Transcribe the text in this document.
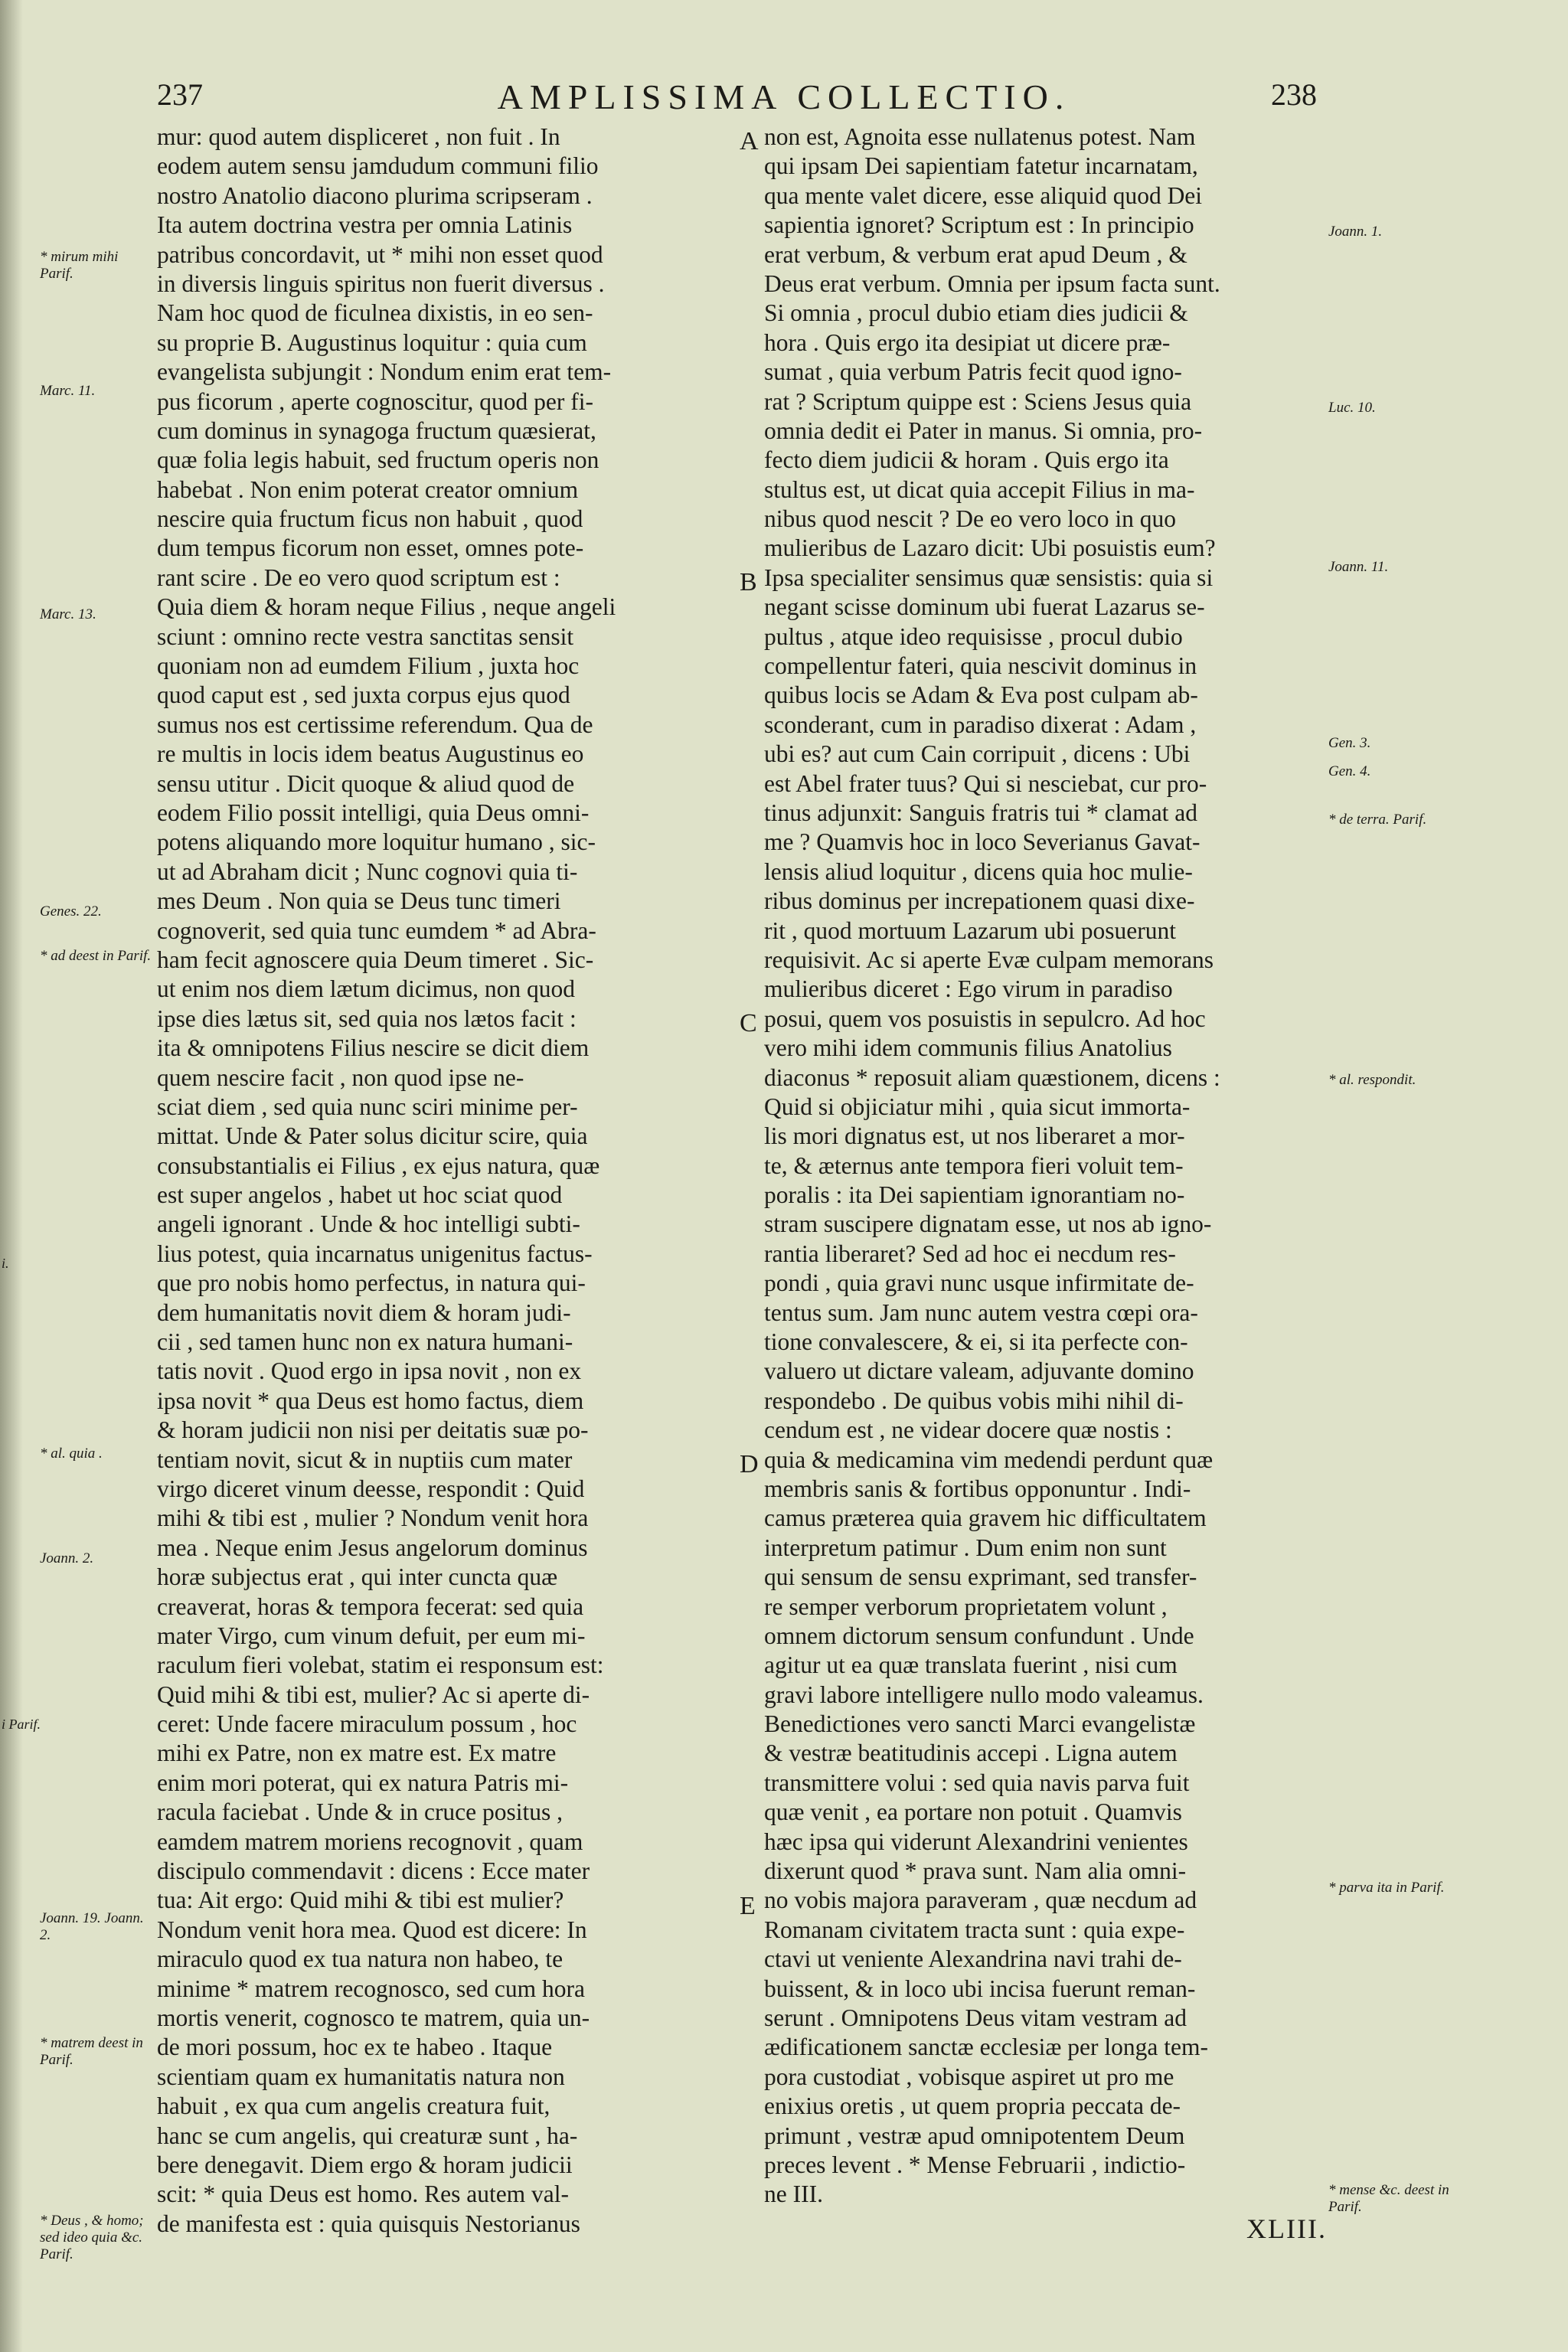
237	AMPLISSIMA COLLECTIO.	238
mur: quod autem displiceret , non fuit . In
eodem autem sensu jamdudum communi filio
nostro Anatolio diacono plurima scripseram .
Ita autem doctrina vestra per omnia Latinis
patribus concordavit, ut * mihi non esset quod
in diversis linguis spiritus non fuerit diversus .
Nam hoc quod de ficulnea dixistis, in eo sen-
su proprie B. Augustinus loquitur : quia cum
evangelista subjungit : Nondum enim erat tem-
pus ficorum , aperte cognoscitur, quod per fi-
cum dominus in synagoga fructum quæsierat,
quæ folia legis habuit, sed fructum operis non
habebat . Non enim poterat creator omnium
nescire quia fructum ficus non habuit , quod
dum tempus ficorum non esset, omnes pote-
rant scire . De eo vero quod scriptum est :
Quia diem & horam neque Filius , neque angeli
sciunt : omnino recte vestra sanctitas sensit
quoniam non ad eumdem Filium , juxta hoc
quod caput est , sed juxta corpus ejus quod
sumus nos est certissime referendum. Qua de
re multis in locis idem beatus Augustinus eo
sensu utitur . Dicit quoque & aliud quod de
eodem Filio possit intelligi, quia Deus omni-
potens aliquando more loquitur humano , sic-
ut ad Abraham dicit ; Nunc cognovi quia ti-
mes Deum . Non quia se Deus tunc timeri
cognoverit, sed quia tunc eumdem * ad Abra-
ham fecit agnoscere quia Deum timeret . Sic-
ut enim nos diem lætum dicimus, non quod
ipse dies lætus sit, sed quia nos lætos facit :
ita & omnipotens Filius nescire se dicit diem
quem nescire facit , non quod ipse ne-
sciat diem , sed quia nunc sciri minime per-
mittat. Unde & Pater solus dicitur scire, quia
consubstantialis ei Filius , ex ejus natura, quæ
est super angelos , habet ut hoc sciat quod
angeli ignorant . Unde & hoc intelligi subti-
lius potest, quia incarnatus unigenitus factus-
que pro nobis homo perfectus, in natura qui-
dem humanitatis novit diem & horam judi-
cii , sed tamen hunc non ex natura humani-
tatis novit . Quod ergo in ipsa novit , non ex
ipsa novit * qua Deus est homo factus, diem
& horam judicii non nisi per deitatis suæ po-
tentiam novit, sicut & in nuptiis cum mater
virgo diceret vinum deesse, respondit : Quid
mihi & tibi est , mulier ? Nondum venit hora
mea . Neque enim Jesus angelorum dominus
horæ subjectus erat , qui inter cuncta quæ
creaverat, horas & tempora fecerat: sed quia
mater Virgo, cum vinum defuit, per eum mi-
raculum fieri volebat, statim ei responsum est:
Quid mihi & tibi est, mulier? Ac si aperte di-
ceret: Unde facere miraculum possum , hoc
mihi ex Patre, non ex matre est. Ex matre
enim mori poterat, qui ex natura Patris mi-
racula faciebat . Unde & in cruce positus ,
eamdem matrem moriens recognovit , quam
discipulo commendavit : dicens : Ecce mater
tua: Ait ergo: Quid mihi & tibi est mulier?
Nondum venit hora mea. Quod est dicere: In
miraculo quod ex tua natura non habeo, te
minime * matrem recognosco, sed cum hora
mortis venerit, cognosco te matrem, quia un-
de mori possum, hoc ex te habeo . Itaque
scientiam quam ex humanitatis natura non
habuit , ex qua cum angelis creatura fuit,
hanc se cum angelis, qui creaturæ sunt , ha-
bere denegavit. Diem ergo & horam judicii
scit: * quia Deus est homo. Res autem val-
de manifesta est : quia quisquis Nestorianus
non est, Agnoita esse nullatenus potest. Nam
qui ipsam Dei sapientiam fatetur incarnatam,
qua mente valet dicere, esse aliquid quod Dei
sapientia ignoret? Scriptum est : In principio
erat verbum, & verbum erat apud Deum , &
Deus erat verbum. Omnia per ipsum facta sunt.
Si omnia , procul dubio etiam dies judicii &
hora . Quis ergo ita desipiat ut dicere præ-
sumat , quia verbum Patris fecit quod igno-
rat ? Scriptum quippe est : Sciens Jesus quia
omnia dedit ei Pater in manus. Si omnia, pro-
fecto diem judicii & horam . Quis ergo ita
stultus est, ut dicat quia accepit Filius in ma-
nibus quod nescit ? De eo vero loco in quo
mulieribus de Lazaro dicit: Ubi posuistis eum?
Ipsa specialiter sensimus quæ sensistis: quia si
negant scisse dominum ubi fuerat Lazarus se-
pultus , atque ideo requisisse , procul dubio
compellentur fateri, quia nescivit dominus in
quibus locis se Adam & Eva post culpam ab-
sconderant, cum in paradiso dixerat : Adam ,
ubi es? aut cum Cain corripuit , dicens : Ubi
est Abel frater tuus? Qui si nesciebat, cur pro-
tinus adjunxit: Sanguis fratris tui * clamat ad
me ? Quamvis hoc in loco Severianus Gavat-
lensis aliud loquitur , dicens quia hoc mulie-
ribus dominus per increpationem quasi dixe-
rit , quod mortuum Lazarum ubi posuerunt
requisivit. Ac si aperte Evæ culpam memorans
mulieribus diceret : Ego virum in paradiso
posui, quem vos posuistis in sepulcro. Ad hoc
vero mihi idem communis filius Anatolius
diaconus * reposuit aliam quæstionem, dicens :
Quid si objiciatur mihi , quia sicut immorta-
lis mori dignatus est, ut nos liberaret a mor-
te, & æternus ante tempora fieri voluit tem-
poralis : ita Dei sapientiam ignorantiam no-
stram suscipere dignatam esse, ut nos ab igno-
rantia liberaret? Sed ad hoc ei necdum res-
pondi , quia gravi nunc usque infirmitate de-
tentus sum. Jam nunc autem vestra cœpi ora-
tione convalescere, & ei, si ita perfecte con-
valuero ut dictare valeam, adjuvante domino
respondebo . De quibus vobis mihi nihil di-
cendum est , ne videar docere quæ nostis :
quia & medicamina vim medendi perdunt quæ
membris sanis & fortibus opponuntur . Indi-
camus præterea quia gravem hic difficultatem
interpretum patimur . Dum enim non sunt
qui sensum de sensu exprimant, sed transfer-
re semper verborum proprietatem volunt ,
omnem dictorum sensum confundunt . Unde
agitur ut ea quæ translata fuerint , nisi cum
gravi labore intelligere nullo modo valeamus.
Benedictiones vero sancti Marci evangelistæ
& vestræ beatitudinis accepi . Ligna autem
transmittere volui : sed quia navis parva fuit
quæ venit , ea portare non potuit . Quamvis
hæc ipsa qui viderunt Alexandrini venientes
dixerunt quod * prava sunt. Nam alia omni-
no vobis majora paraveram , quæ necdum ad
Romanam civitatem tracta sunt : quia expe-
ctavi ut veniente Alexandrina navi trahi de-
buissent, & in loco ubi incisa fuerunt reman-
serunt . Omnipotens Deus vitam vestram ad
ædificationem sanctæ ecclesiæ per longa tem-
pora custodiat , vobisque aspiret ut pro me
enixius oretis , ut quem propria peccata de-
primunt , vestræ apud omnipotentem Deum
preces levent . * Mense Februarii , indictio-
ne III.
A
B
C
D
E
* mirum mihi Parif.
Marc. 11.
Marc. 13.
Genes. 22.
* ad deest in Parif.
* al. quia .
Joann. 2.
Joann. 19. Joann. 2.
* matrem deest in Parif.
* Deus , & homo; sed ideo quia &c. Parif.
Joann. 1.
Luc. 10.
Joann. 11.
Gen. 3.
Gen. 4.
* de terra. Parif.
* al. respondit.
* parva ita in Parif.
* mense &c. deest in Parif.
i.
i Parif.
XLIII.
